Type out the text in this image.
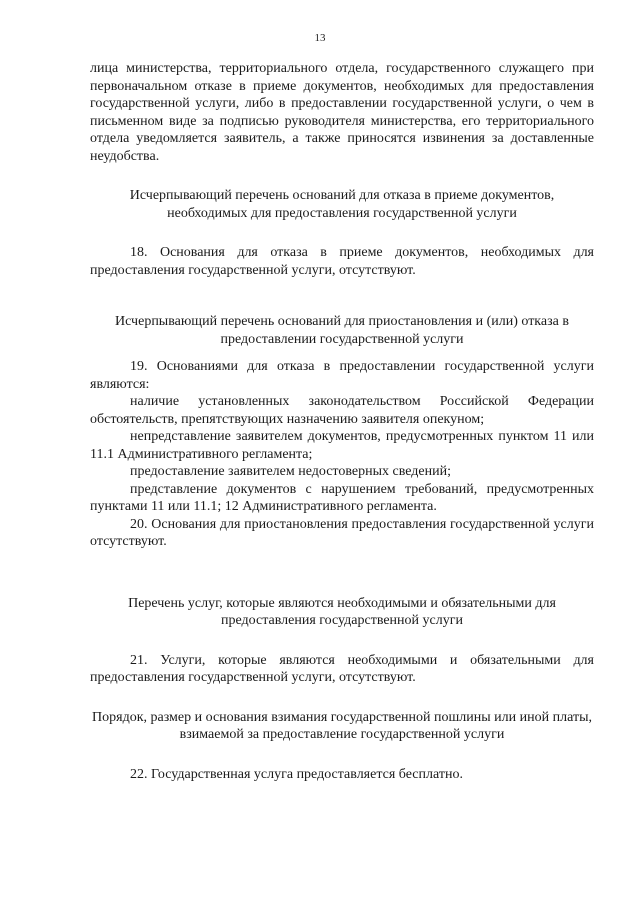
13

лица министерства, территориального отдела, государственного служащего при первоначальном отказе в приеме документов, необходимых для предоставления государственной услуги, либо в предоставлении государственной услуги, о чем в письменном виде за подписью руководителя министерства, его территориального отдела уведомляется заявитель, а также приносятся извинения за доставленные неудобства.

Исчерпывающий перечень оснований для отказа в приеме документов, необходимых для предоставления государственной услуги

18. Основания для отказа в приеме документов, необходимых для предоставления государственной услуги, отсутствуют.

Исчерпывающий перечень оснований для приостановления и (или) отказа в предоставлении государственной услуги

19. Основаниями для отказа в предоставлении государственной услуги являются:

наличие установленных законодательством Российской Федерации обстоятельств, препятствующих назначению заявителя опекуном;

непредставление заявителем документов, предусмотренных пунктом 11 или 11.1 Административного регламента;

предоставление заявителем недостоверных сведений;

представление документов с нарушением требований, предусмотренных пунктами 11 или 11.1; 12 Административного регламента.

20. Основания для приостановления предоставления государственной услуги отсутствуют.

Перечень услуг, которые являются необходимыми и обязательными для предоставления государственной услуги

21. Услуги, которые являются необходимыми и обязательными для предоставления государственной услуги, отсутствуют.

Порядок, размер и основания взимания государственной пошлины или иной платы, взимаемой за предоставление государственной услуги

22. Государственная услуга предоставляется бесплатно.
